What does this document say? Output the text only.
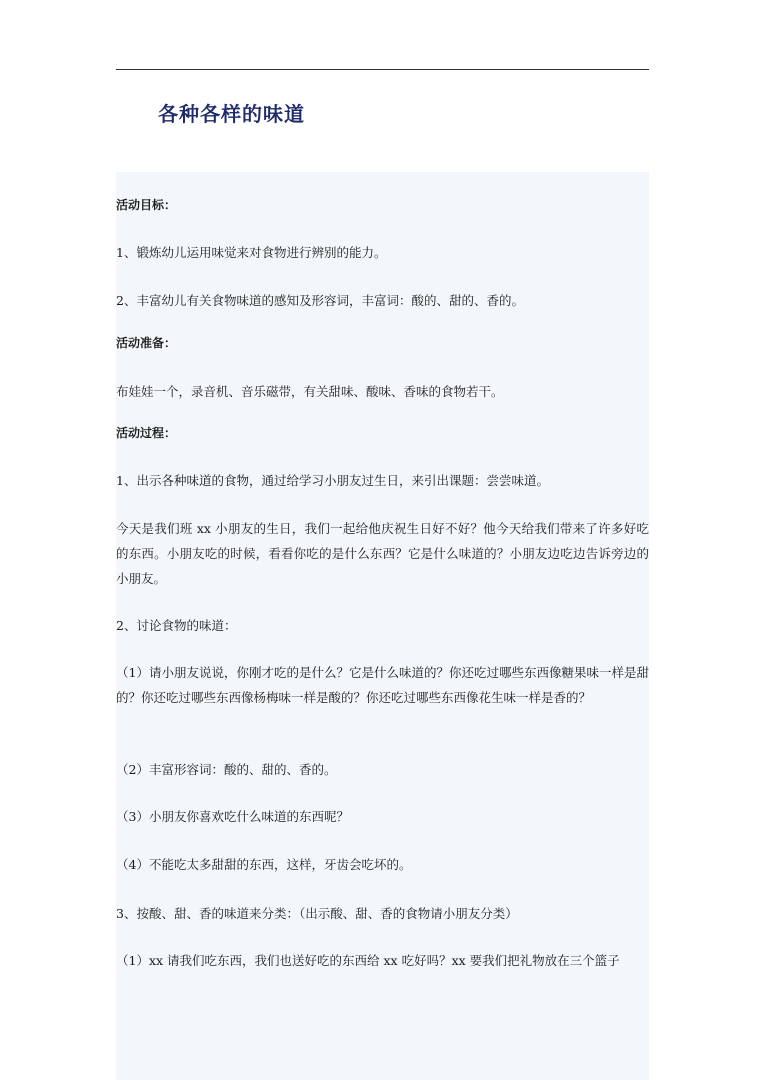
各种各样的味道

活动目标：

1、锻炼幼儿运用味觉来对食物进行辨别的能力。

2、丰富幼儿有关食物味道的感知及形容词，丰富词：酸的、甜的、香的。

活动准备：

布娃娃一个，录音机、音乐磁带，有关甜味、酸味、香味的食物若干。

活动过程：

1、出示各种味道的食物，通过给学习小朋友过生日，来引出课题：尝尝味道。

今天是我们班 xx 小朋友的生日，我们一起给他庆祝生日好不好？他今天给我们带来了许多好吃的东西。小朋友吃的时候，看看你吃的是什么东西？它是什么味道的？小朋友边吃边告诉旁边的小朋友。

2、讨论食物的味道：

（1）请小朋友说说，你刚才吃的是什么？它是什么味道的？你还吃过哪些东西像糖果味一样是甜的？你还吃过哪些东西像杨梅味一样是酸的？你还吃过哪些东西像花生味一样是香的？

（2）丰富形容词：酸的、甜的、香的。

（3）小朋友你喜欢吃什么味道的东西呢？

（4）不能吃太多甜甜的东西，这样，牙齿会吃坏的。

3、按酸、甜、香的味道来分类：（出示酸、甜、香的食物请小朋友分类）

（1）xx 请我们吃东西，我们也送好吃的东西给 xx 吃好吗？xx 要我们把礼物放在三个篮子
